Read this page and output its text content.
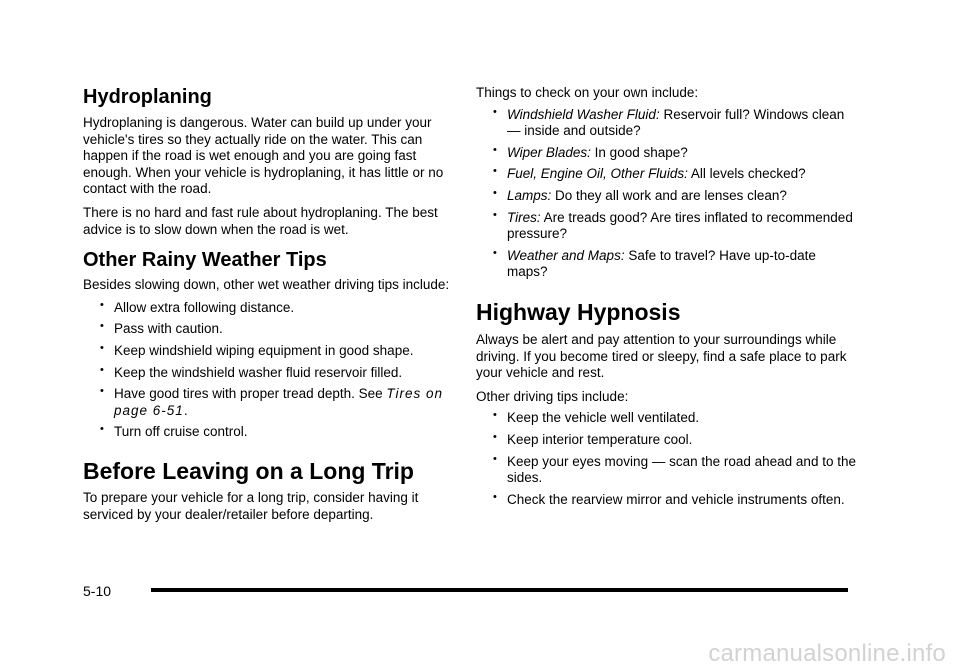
Hydroplaning

Hydroplaning is dangerous. Water can build up under your vehicle's tires so they actually ride on the water. This can happen if the road is wet enough and you are going fast enough. When your vehicle is hydroplaning, it has little or no contact with the road.

There is no hard and fast rule about hydroplaning. The best advice is to slow down when the road is wet.

Other Rainy Weather Tips

Besides slowing down, other wet weather driving tips include:

• Allow extra following distance.
• Pass with caution.
• Keep windshield wiping equipment in good shape.
• Keep the windshield washer fluid reservoir filled.
• Have good tires with proper tread depth. See Tires on page 6‑51.
• Turn off cruise control.
Before Leaving on a Long Trip

To prepare your vehicle for a long trip, consider having it serviced by your dealer/retailer before departing.

Things to check on your own include:

• Windshield Washer Fluid: Reservoir full? Windows clean — inside and outside?
• Wiper Blades: In good shape?
• Fuel, Engine Oil, Other Fluids: All levels checked?
• Lamps: Do they all work and are lenses clean?
• Tires: Are treads good? Are tires inflated to recommended pressure?
• Weather and Maps: Safe to travel? Have up‑to‑date maps?
Highway Hypnosis

Always be alert and pay attention to your surroundings while driving. If you become tired or sleepy, find a safe place to park your vehicle and rest.

Other driving tips include:

• Keep the vehicle well ventilated.
• Keep interior temperature cool.
• Keep your eyes moving — scan the road ahead and to the sides.
• Check the rearview mirror and vehicle instruments often.
5-10
carmanualsonline.info
